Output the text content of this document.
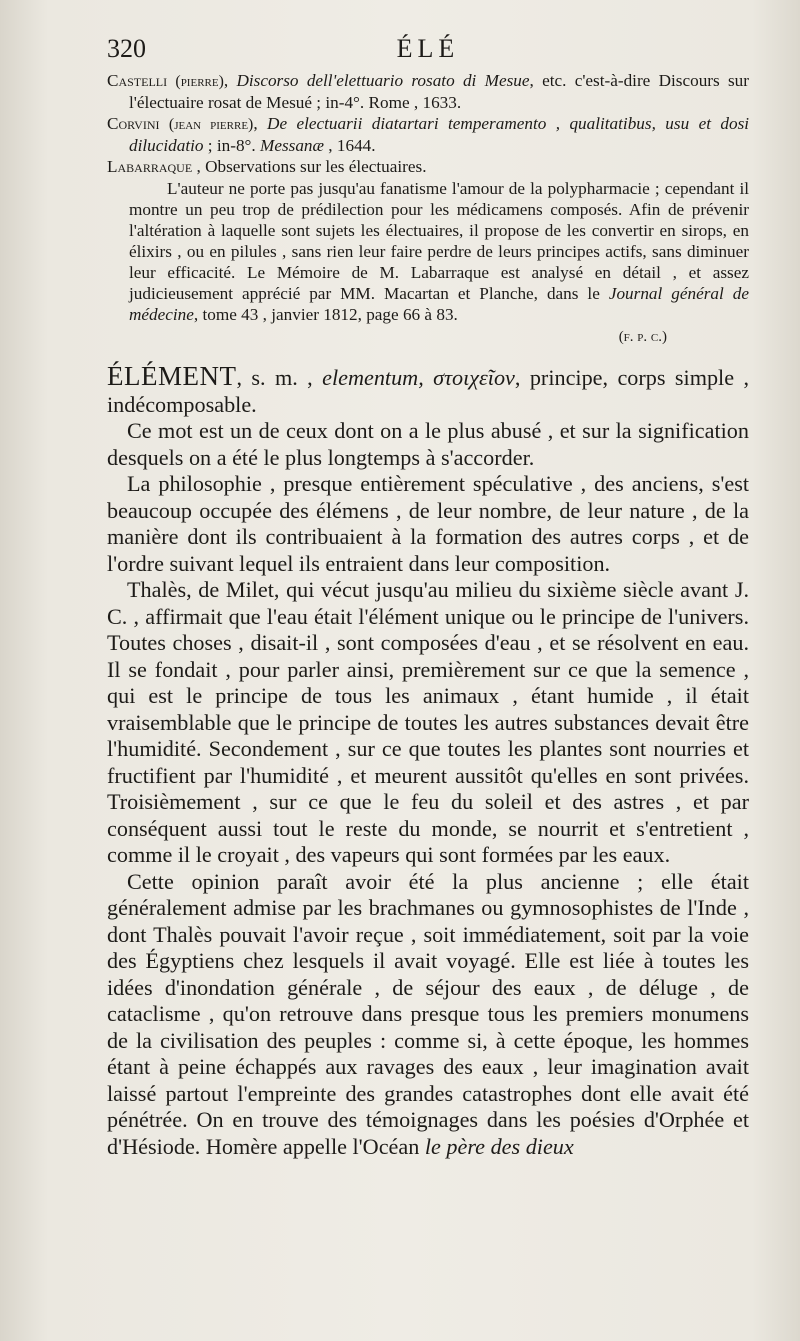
320	ÉLÉ

Castelli (pierre), Discorso dell'elettuario rosato di Mesue, etc. c'est-à-dire Discours sur l'électuaire rosat de Mesué ; in-4°. Rome , 1633.

Corvini (jean pierre), De electuarii diatartari temperamento , qualitatibus, usu et dosi dilucidatio ; in-8°. Messanæ , 1644.

Labarraque , Observations sur les électuaires.

L'auteur ne porte pas jusqu'au fanatisme l'amour de la polypharmacie ; cependant il montre un peu trop de prédilection pour les médicamens composés. Afin de prévenir l'altération à laquelle sont sujets les électuaires, il propose de les convertir en sirops, en élixirs , ou en pilules , sans rien leur faire perdre de leurs principes actifs, sans diminuer leur efficacité. Le Mémoire de M. Labarraque est analysé en détail , et assez judicieusement apprécié par MM. Macartan et Planche, dans le Journal général de médecine, tome 43 , janvier 1812, page 66 à 83.

(f. p. c.)

ÉLÉMENT, s. m. , elementum, στοιχεῖον, principe, corps simple , indécomposable.

Ce mot est un de ceux dont on a le plus abusé , et sur la signification desquels on a été le plus longtemps à s'accorder.

La philosophie , presque entièrement spéculative , des anciens, s'est beaucoup occupée des élémens , de leur nombre, de leur nature , de la manière dont ils contribuaient à la formation des autres corps , et de l'ordre suivant lequel ils entraient dans leur composition.

Thalès, de Milet, qui vécut jusqu'au milieu du sixième siècle avant J. C. , affirmait que l'eau était l'élément unique ou le principe de l'univers. Toutes choses , disait-il , sont composées d'eau , et se résolvent en eau. Il se fondait , pour parler ainsi, premièrement sur ce que la semence , qui est le principe de tous les animaux , étant humide , il était vraisemblable que le principe de toutes les autres substances devait être l'humidité. Secondement , sur ce que toutes les plantes sont nourries et fructifient par l'humidité , et meurent aussitôt qu'elles en sont privées. Troisièmement , sur ce que le feu du soleil et des astres , et par conséquent aussi tout le reste du monde, se nourrit et s'entretient , comme il le croyait , des vapeurs qui sont formées par les eaux.

Cette opinion paraît avoir été la plus ancienne ; elle était généralement admise par les brachmanes ou gymnosophistes de l'Inde , dont Thalès pouvait l'avoir reçue , soit immédiatement, soit par la voie des Égyptiens chez lesquels il avait voyagé. Elle est liée à toutes les idées d'inondation générale , de séjour des eaux , de déluge , de cataclisme , qu'on retrouve dans presque tous les premiers monumens de la civilisation des peuples : comme si, à cette époque, les hommes étant à peine échappés aux ravages des eaux , leur imagination avait laissé partout l'empreinte des grandes catastrophes dont elle avait été pénétrée. On en trouve des témoignages dans les poésies d'Orphée et d'Hésiode. Homère appelle l'Océan le père des dieux
